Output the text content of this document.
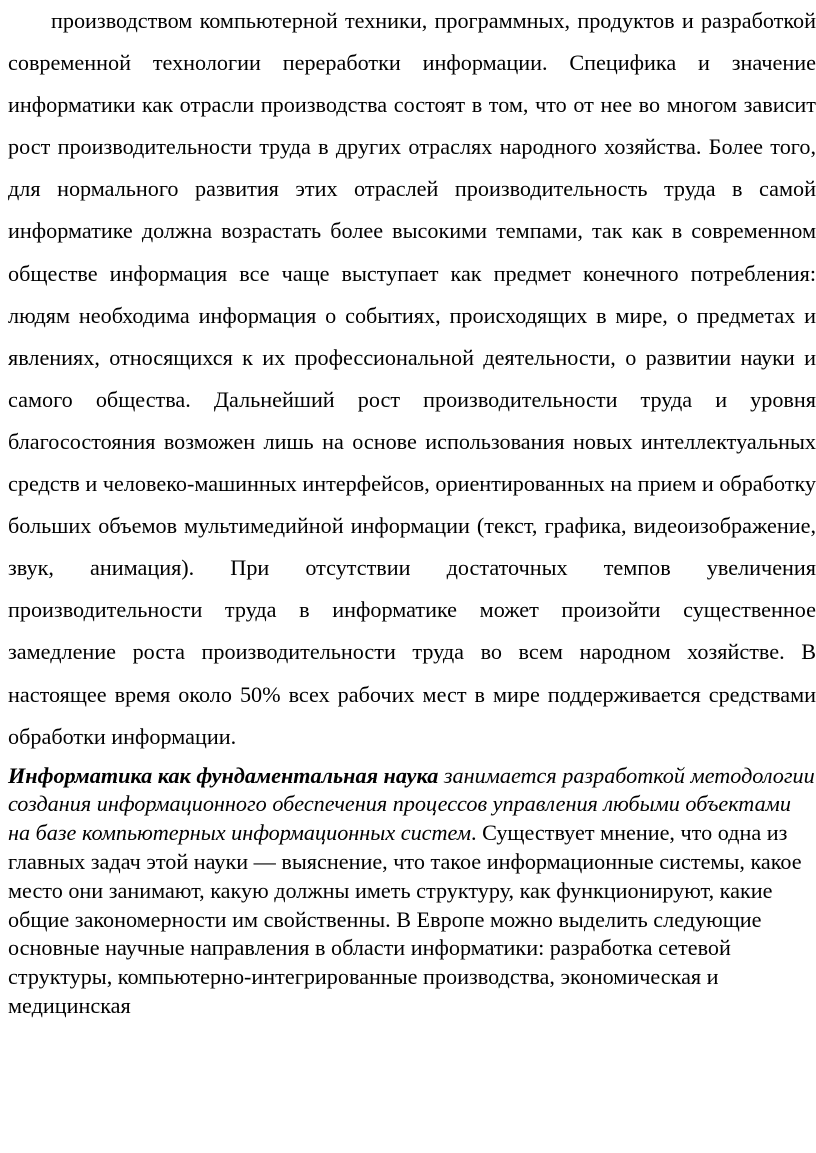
производством компьютерной техники, программных, продуктов и разработкой современной технологии переработки информации. Специфика и значение информатики как отрасли производства состоят в том, что от нее во многом зависит рост производительности труда в других отраслях народного хозяйства. Более того, для нормального развития этих отраслей производительность труда в самой информатике должна возрастать более высокими темпами, так как в современном обществе информация все чаще выступает как предмет конечного потребления: людям необходима информация о событиях, происходящих в мире, о предметах и явлениях, относящихся к их профессиональной деятельности, о развитии науки и самого общества. Дальнейший рост производительности труда и уровня благосостояния возможен лишь на основе использования новых интеллектуальных средств и человеко-машинных интерфейсов, ориентированных на прием и обработку больших объемов мультимедийной информации (текст, графика, видеоизображение, звук, анимация). При отсутствии достаточных темпов увеличения производительности труда в информатике может произойти существенное замедление роста производительности труда во всем народном хозяйстве. В настоящее время около 50% всех рабочих мест в мире поддерживается средствами обработки информации.

Информатика как фундаментальная наука занимается разработкой методологии создания информационного обеспечения процессов управления любыми объектами на базе компьютерных информационных систем. Существует мнение, что одна из главных задач этой науки — выяснение, что такое информационные системы, какое место они занимают, какую должны иметь структуру, как функционируют, какие общие закономерности им свойственны. В Европе можно выделить следующие основные научные направления в области информатики: разработка сетевой структуры, компьютерно-интегрированные производства, экономическая и медицинская
